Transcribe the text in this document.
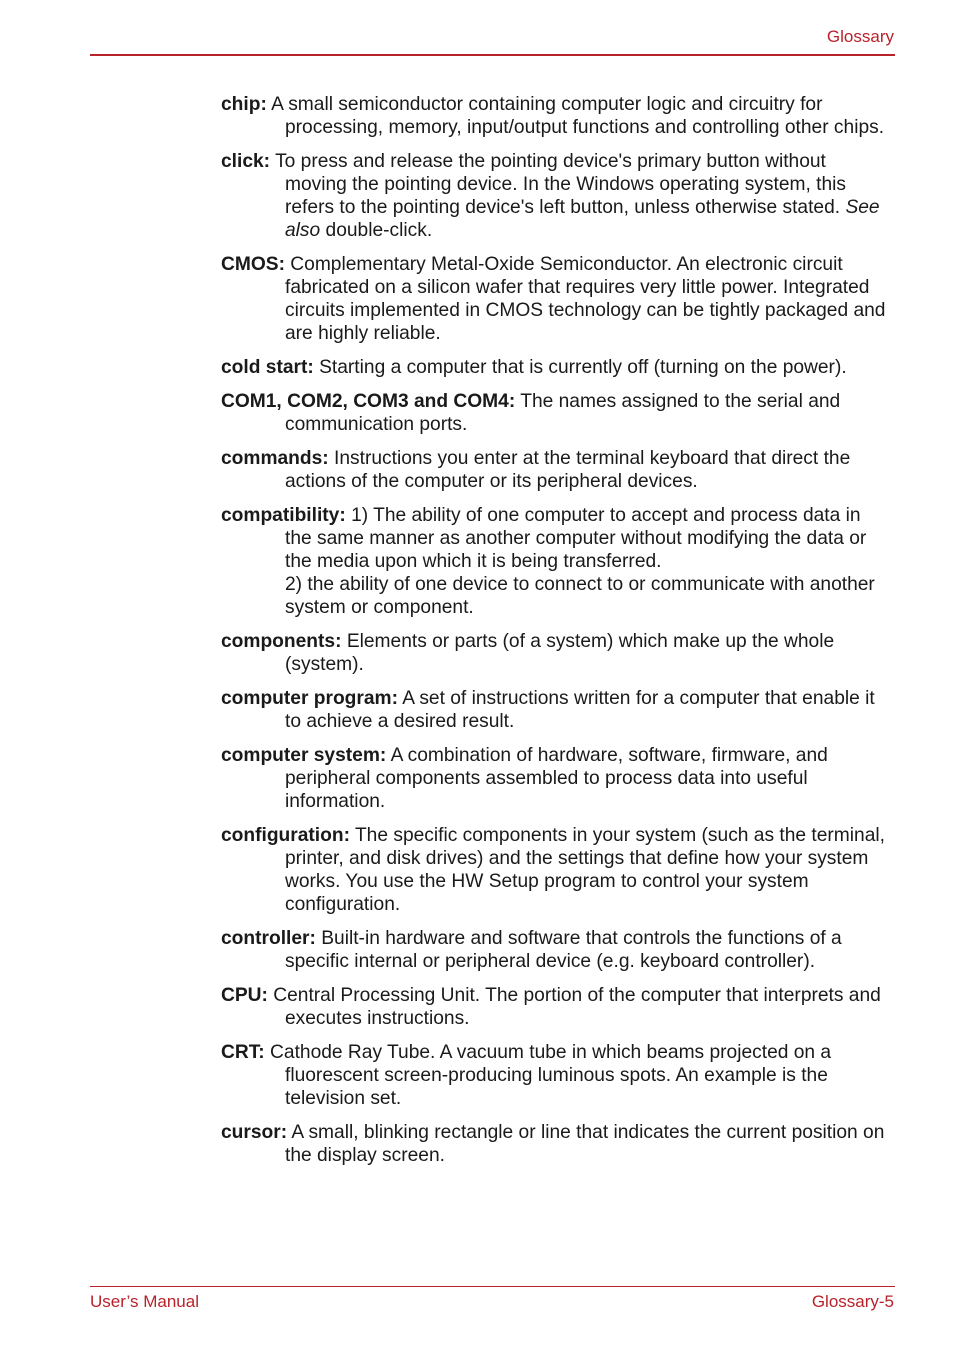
Glossary

chip: A small semiconductor containing computer logic and circuitry for processing, memory, input/output functions and controlling other chips.

click: To press and release the pointing device's primary button without moving the pointing device. In the Windows operating system, this refers to the pointing device's left button, unless otherwise stated. See also double-click.

CMOS: Complementary Metal-Oxide Semiconductor. An electronic circuit fabricated on a silicon wafer that requires very little power. Integrated circuits implemented in CMOS technology can be tightly packaged and are highly reliable.

cold start: Starting a computer that is currently off (turning on the power).

COM1, COM2, COM3 and COM4: The names assigned to the serial and communication ports.

commands: Instructions you enter at the terminal keyboard that direct the actions of the computer or its peripheral devices.

compatibility: 1) The ability of one computer to accept and process data in the same manner as another computer without modifying the data or the media upon which it is being transferred.
2) the ability of one device to connect to or communicate with another system or component.

components: Elements or parts (of a system) which make up the whole (system).

computer program: A set of instructions written for a computer that enable it to achieve a desired result.

computer system: A combination of hardware, software, firmware, and peripheral components assembled to process data into useful information.

configuration: The specific components in your system (such as the terminal, printer, and disk drives) and the settings that define how your system works. You use the HW Setup program to control your system configuration.

controller: Built-in hardware and software that controls the functions of a specific internal or peripheral device (e.g. keyboard controller).

CPU: Central Processing Unit. The portion of the computer that interprets and executes instructions.

CRT: Cathode Ray Tube. A vacuum tube in which beams projected on a fluorescent screen-producing luminous spots. An example is the television set.

cursor: A small, blinking rectangle or line that indicates the current position on the display screen.

User’s Manual	Glossary-5
